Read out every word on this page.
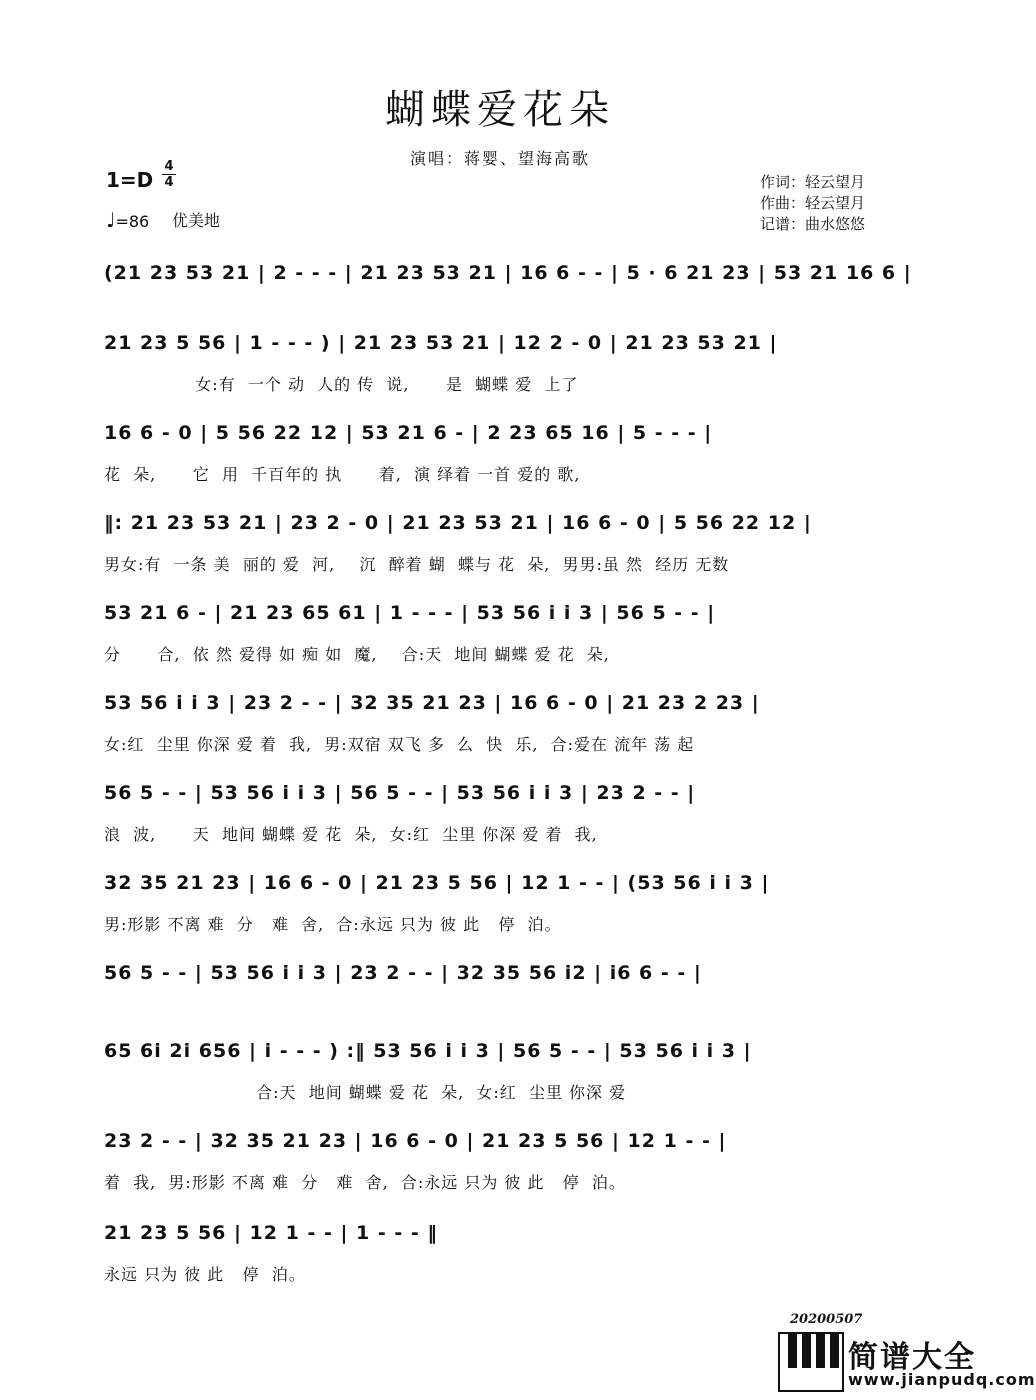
蝴蝶爱花朵
演唱：蒋婴、望海高歌
1=D
4
4
♩=86 优美地
作词：轻云望月
作曲：轻云望月
记谱：曲水悠悠
(21 23 53 21 | 2 - - - | 21 23 53 21 | 16 6 - - | 5 · 6 21 23 | 53 21 16 6 |
21 23 5 56 | 1 - - - ) | 21 23 53 21 | 12 2 - 0 | 21 23 53 21 |
女:有  一个 动  人的 传  说,      是  蝴蝶 爱  上了
16 6 - 0 | 5 56 22 12 | 53 21 6 - | 2 23 65 16 | 5 - - - |
花  朵,      它  用  千百年的 执      着,  演 绎着 一首 爱的 歌,
‖: 21 23 53 21 | 23 2 - 0 | 21 23 53 21 | 16 6 - 0 | 5 56 22 12 |
男女:有  一条 美  丽的 爱  河,    沉  醉着 蝴  蝶与 花  朵,  男男:虽 然  经历 无数
53 21 6 - | 21 23 65 61 | 1 - - - | 53 56 i i 3 | 56 5 - - |
分      合,  依 然 爱得 如 痴 如  魔,    合:天  地间 蝴蝶 爱 花  朵,
53 56 i i 3 | 23 2 - - | 32 35 21 23 | 16 6 - 0 | 21 23 2 23 |
女:红  尘里 你深 爱 着  我,  男:双宿 双飞 多  么  快  乐,  合:爱在 流年 荡 起
56 5 - - | 53 56 i i 3 | 56 5 - - | 53 56 i i 3 | 23 2 - - |
浪  波,      天  地间 蝴蝶 爱 花  朵,  女:红  尘里 你深 爱 着  我,
32 35 21 23 | 16 6 - 0 | 21 23 5 56 | 12 1 - - | (53 56 i i 3 |
男:形影 不离 难  分   难  舍,  合:永远 只为 彼 此   停  泊。
56 5 - - | 53 56 i i 3 | 23 2 - - | 32 35 56 i2 | i6 6 - - |
65 6i 2i 656 | i - - - ) :‖ 53 56 i i 3 | 56 5 - - | 53 56 i i 3 |
合:天  地间 蝴蝶 爱 花  朵,  女:红  尘里 你深 爱
23 2 - - | 32 35 21 23 | 16 6 - 0 | 21 23 5 56 | 12 1 - - |
着  我,  男:形影 不离 难  分   难  舍,  合:永远 只为 彼 此   停  泊。
21 23 5 56 | 12 1 - - | 1 - - - ‖
永远 只为 彼 此   停  泊。
20200507
简谱大全
www.jianpudq.com
